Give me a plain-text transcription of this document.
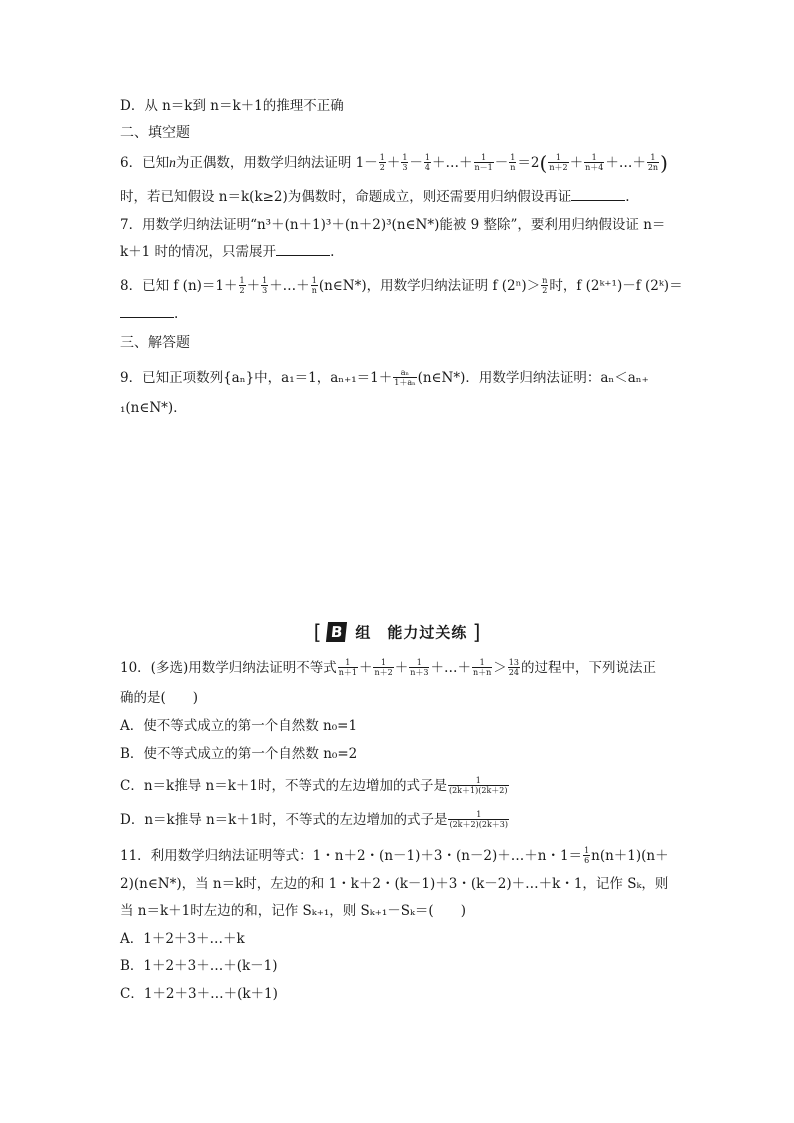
D．从 n＝k到 n＝k＋1的推理不正确
二、填空题
6．已知n为正偶数，用数学归纳法证明 $1- \frac{1}{2} + \frac{1}{3} - \frac{1}{4}$ ＋…＋ $\frac{1}{n-1} - \frac{1}{n} =2( \frac{1}{n+2} + \frac{1}{n+4}$ ＋…＋ $\frac{1}{2n}$ )
时，若已知假设 n＝k(k≥2)为偶数时，命题成立，则还需要用归纳假设再证	.
7．用数学归纳法证明“n³＋(n＋1)³＋(n＋2)³(n∈N*)能被 9 整除”，要利用归纳假设证 n＝
k＋1 时的情况，只需展开	.
8．已知 f $(n)=1+ \frac{1}{2} + \frac{1}{3}$ ＋…＋ $\frac{1}{n}$ (n∈N*)，用数学归纳法证明 f $(2^n)> \frac{n}{2}$ 时，f (2ᵏ⁺¹)－f (2ᵏ)＝
.
三、解答题
9．已知正项数列{aₙ}中，a₁＝1，$a_{n+1}=1+ \frac{\text{aₙ}}{\text{1＋aₙ}}$ (n∈N*)．用数学归纳法证明：aₙ＜aₙ₊
₁(n∈N*)．
[ B 组　能力过关练 ]
10．(多选)用数学归纳法证明不等式 $\frac{1}{n+1} + \frac{1}{n+2} + \frac{1}{n+3}$ ＋…＋ $\frac{1}{n+n} > \frac{13}{24}$ 的过程中，下列说法正
确的是(　　)
A．使不等式成立的第一个自然数 n₀=1
B．使不等式成立的第一个自然数 n₀=2
C．n＝k推导 n＝k＋1时，不等式的左边增加的式子是 $\frac{1}{(2k+1)(2k+2)}$
D．n＝k推导 n＝k＋1时，不等式的左边增加的式子是 $\frac{1}{(2k+2)(2k+3)}$
11．利用数学归纳法证明等式：1・n＋2・(n－1)＋3・(n－2)＋…＋n・$1= \frac{1}{6} n(n+1)(n+$
2)(n∈N*)，当 n＝k时，左边的和 1・k＋2・(k－1)＋3・(k－2)＋…＋k・1，记作 Sₖ，则
当 n＝k＋1时左边的和，记作 Sₖ₊₁，则 Sₖ₊₁－Sₖ＝(　　)
A．1＋2＋3＋…＋k
B．1＋2＋3＋…＋(k－1)
C．1＋2＋3＋…＋(k＋1)
